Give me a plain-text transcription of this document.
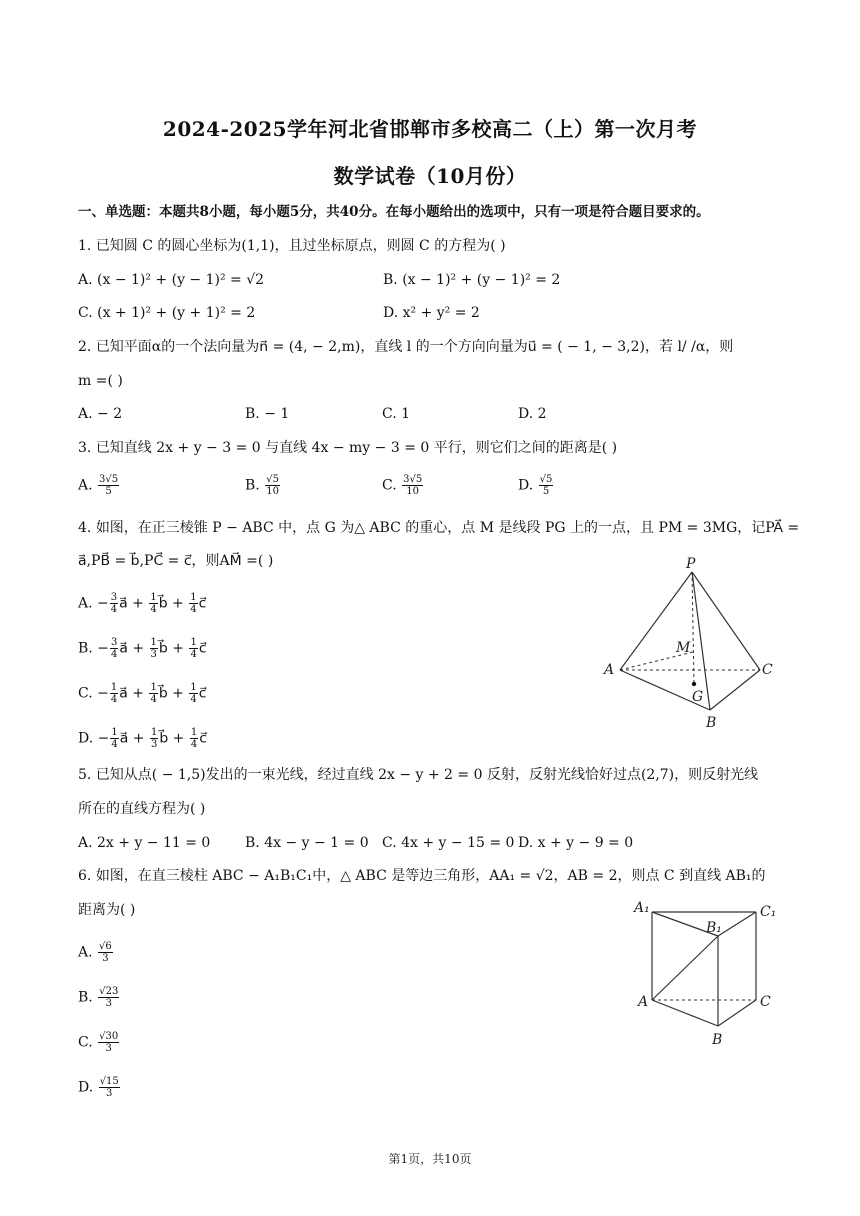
2024-2025学年河北省邯郸市多校高二（上）第一次月考
数学试卷（10月份）
一、单选题：本题共8小题，每小题5分，共40分。在每小题给出的选项中，只有一项是符合题目要求的。
1. 已知圆 C 的圆心坐标为(1,1)，且过坐标原点，则圆 C 的方程为( )
A. (x − 1)² + (y − 1)² = √2	B. (x − 1)² + (y − 1)² = 2
C. (x + 1)² + (y + 1)² = 2	D. x² + y² = 2
2. 已知平面α的一个法向量为n⃗ = (4, − 2,m)，直线 l 的一个方向向量为u⃗ = ( − 1, − 3,2)，若 l/ /α，则
m =( )
A. − 2	B. − 1	C. 1	D. 2
3. 已知直线 2x + y − 3 = 0 与直线 4x − my − 3 = 0 平行，则它们之间的距离是( )
A. $\frac{3√5}{5}$	B. $\frac{√5}{10}$	C. $\frac{3√5}{10}$	D. $\frac{√5}{5}$
4. 如图，在正三棱锥 P − ABC 中，点 G 为△ ABC 的重心，点 M 是线段 PG 上的一点，且 PM = 3MG，记PA⃗ =
a⃗,PB⃗ = b⃗,PC⃗ = c⃗，则AM⃗ =( )
A. − $\frac{3}{4}$ a⃗ + $\frac{1}{4}$ b⃗ + $\frac{1}{4}$ c⃗
B. − $\frac{3}{4}$ a⃗ + $\frac{1}{3}$ b⃗ + $\frac{1}{4}$ c⃗
C. − $\frac{1}{4}$ a⃗ + $\frac{1}{4}$ b⃗ + $\frac{1}{4}$ c⃗
D. − $\frac{1}{4}$ a⃗ + $\frac{1}{3}$ b⃗ + $\frac{1}{4}$ c⃗
P
M
A	C
G
B
5. 已知从点( − 1,5)发出的一束光线，经过直线 2x − y + 2 = 0 反射，反射光线恰好过点(2,7)，则反射光线
所在的直线方程为( )
A. 2x + y − 11 = 0 B. 4x − y − 1 = 0 C. 4x + y − 15 = 0 D. x + y − 9 = 0
6. 如图，在直三棱柱 ABC − A₁B₁C₁中，△ ABC 是等边三角形，AA₁ = √2，AB = 2，则点 C 到直线 AB₁的
距离为( )
A. $\frac{√6}{3}$
B. $\frac{√23}{3}$
C. $\frac{√30}{3}$
D. $\frac{√15}{3}$
A₁
B₁
C₁
A	C
B
第1页，共10页
